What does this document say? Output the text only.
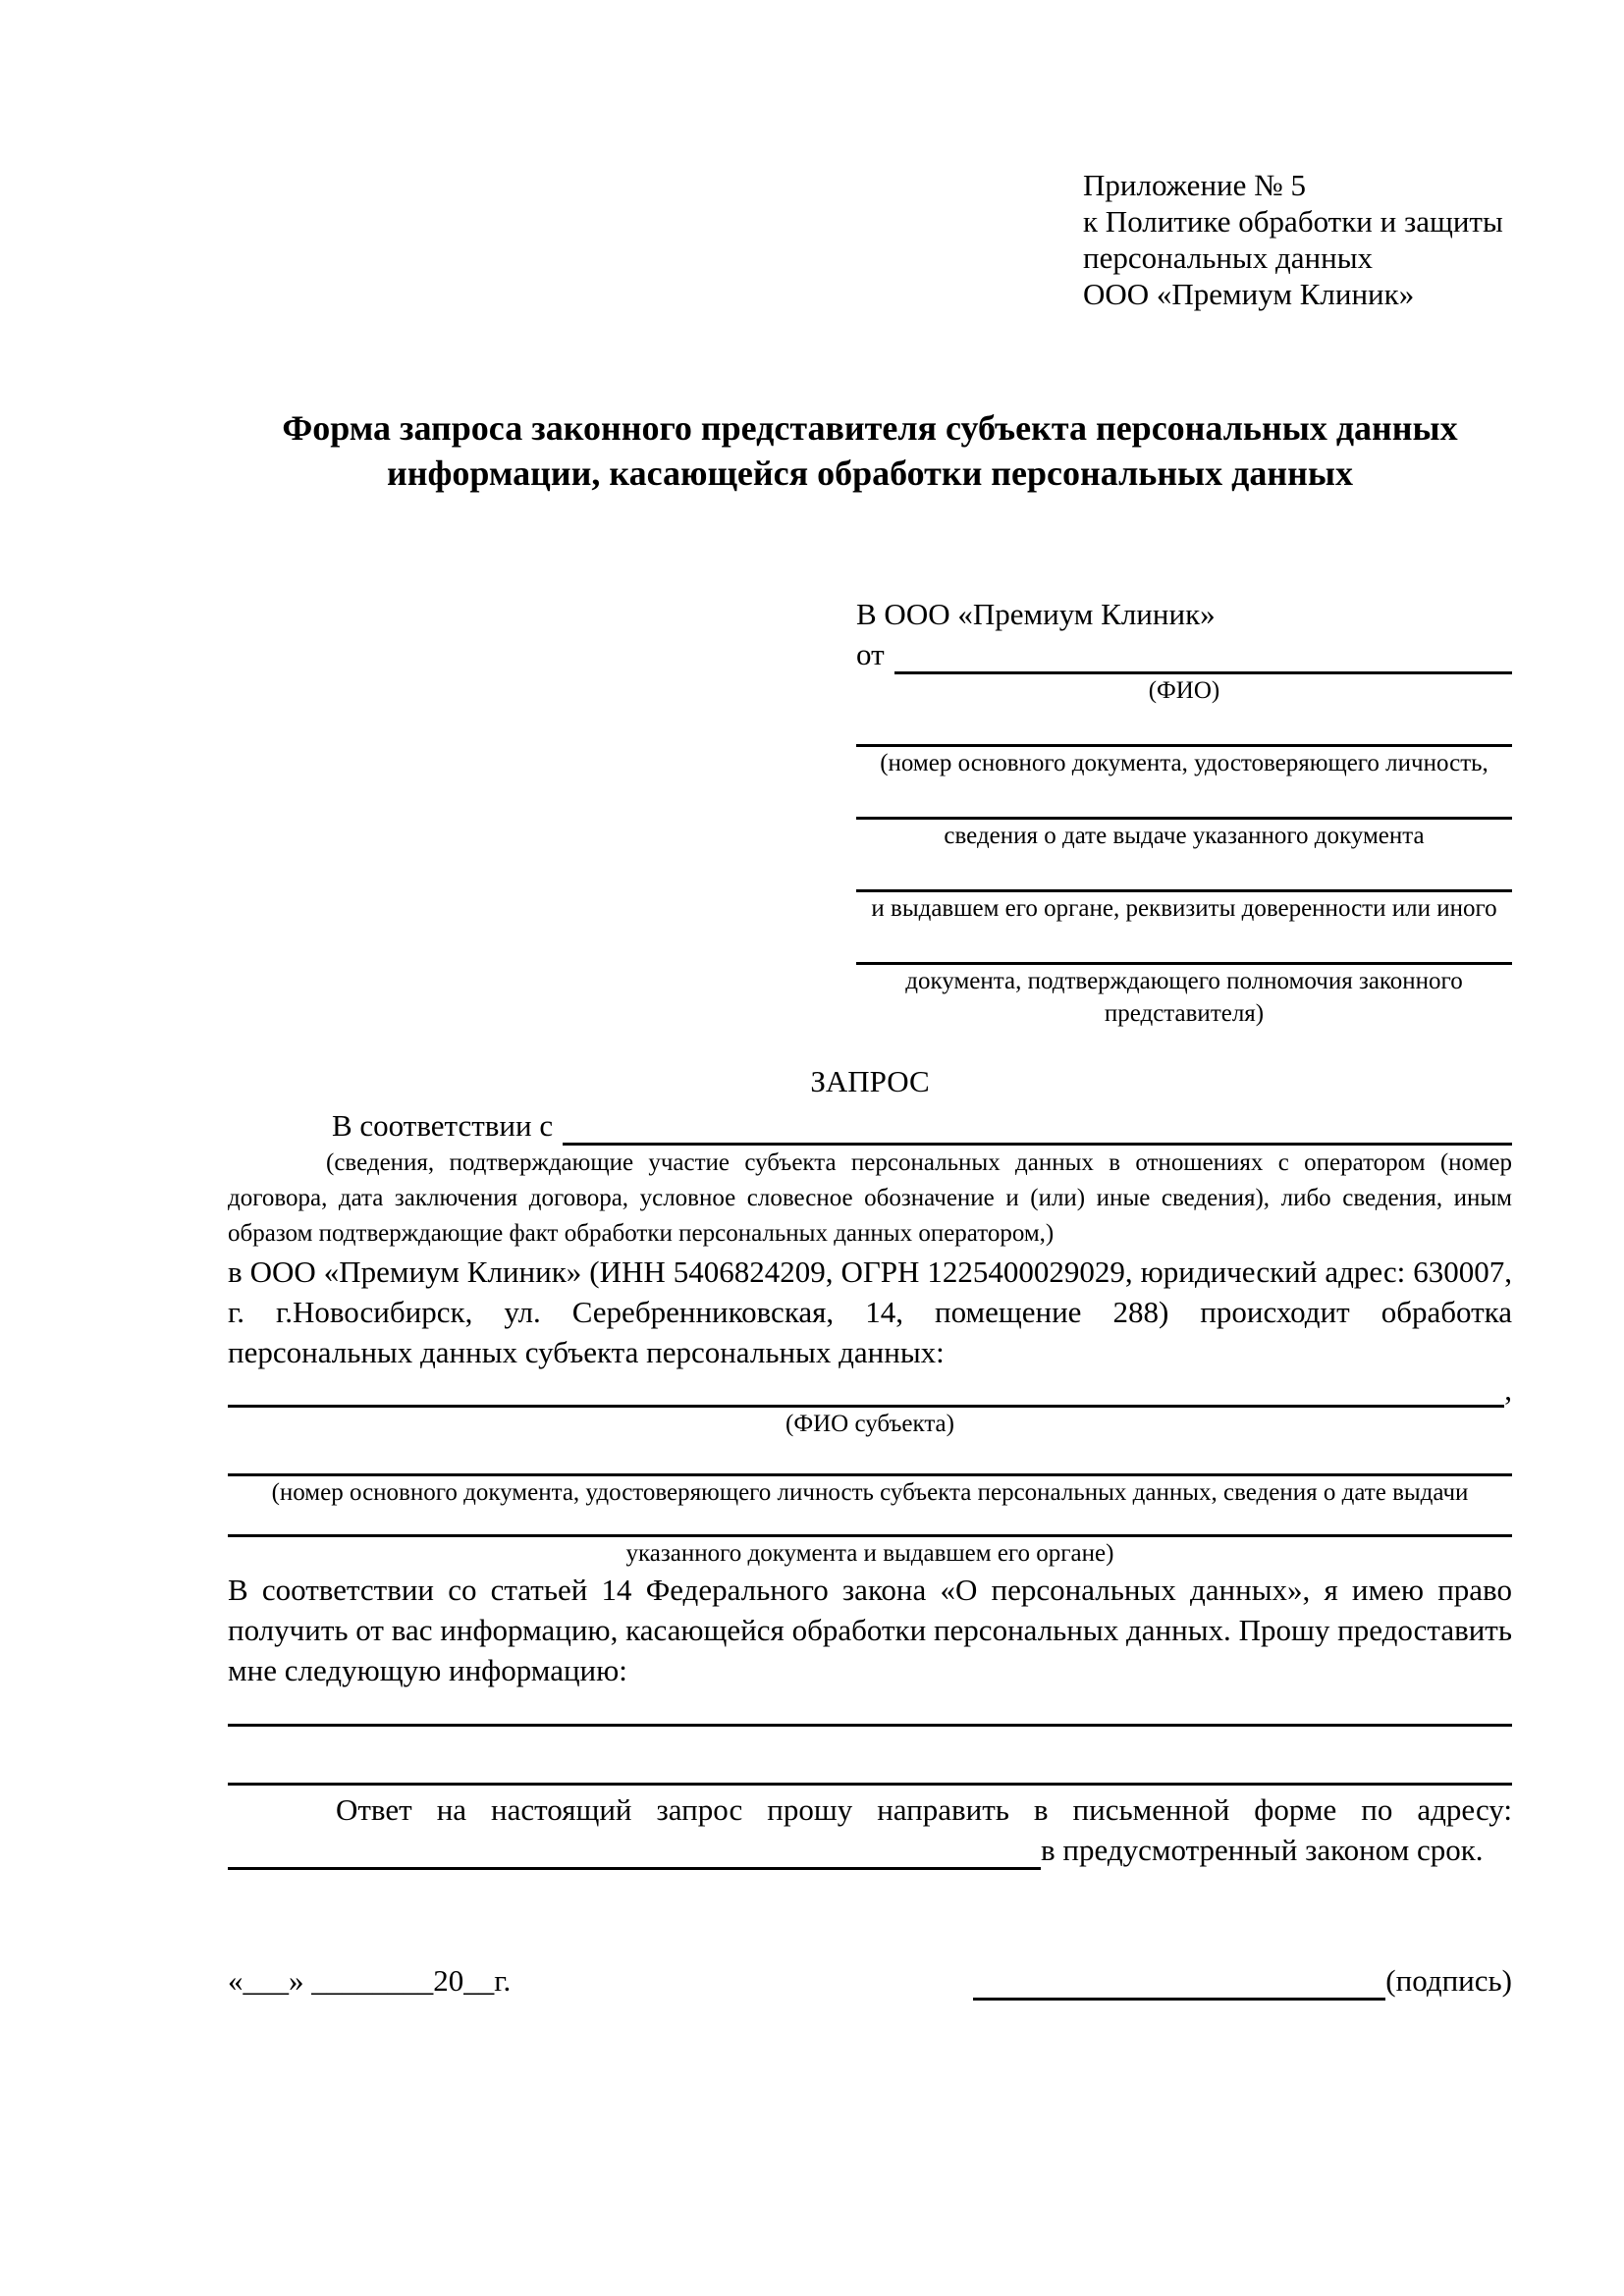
Приложение № 5
к Политике обработки и защиты
персональных данных
ООО «Премиум Клиник»
Форма запроса законного представителя субъекта персональных данных информации, касающейся обработки персональных данных
В ООО «Премиум Клиник»
от
(ФИО)
(номер основного документа, удостоверяющего личность,
сведения о дате выдаче указанного документа
и выдавшем его органе, реквизиты доверенности или иного
документа, подтверждающего полномочия законного представителя)
ЗАПРОС
В соответствии с
(сведения, подтверждающие участие субъекта персональных данных в отношениях с оператором (номер договора, дата заключения договора, условное словесное обозначение и (или) иные сведения), либо сведения, иным образом подтверждающие факт обработки персональных данных оператором,)

в ООО «Премиум Клиник» (ИНН 5406824209, ОГРН 1225400029029, юридический адрес: 630007, г. г.Новосибирск, ул. Серебренниковская, 14, помещение 288) происходит обработка персональных данных субъекта персональных данных:

,
(ФИО субъекта)
(номер основного документа, удостоверяющего личность субъекта персональных данных, сведения о дате выдачи
указанного документа и выдавшем его органе)

В соответствии со статьей 14 Федерального закона «О персональных данных», я имею право получить от вас информацию, касающейся обработки персональных данных. Прошу предоставить мне следующую информацию:

Ответ на настоящий запрос прошу направить в письменной форме по адресу:

в предусмотренный законом срок.
«___» ________20__г.	(подпись)
